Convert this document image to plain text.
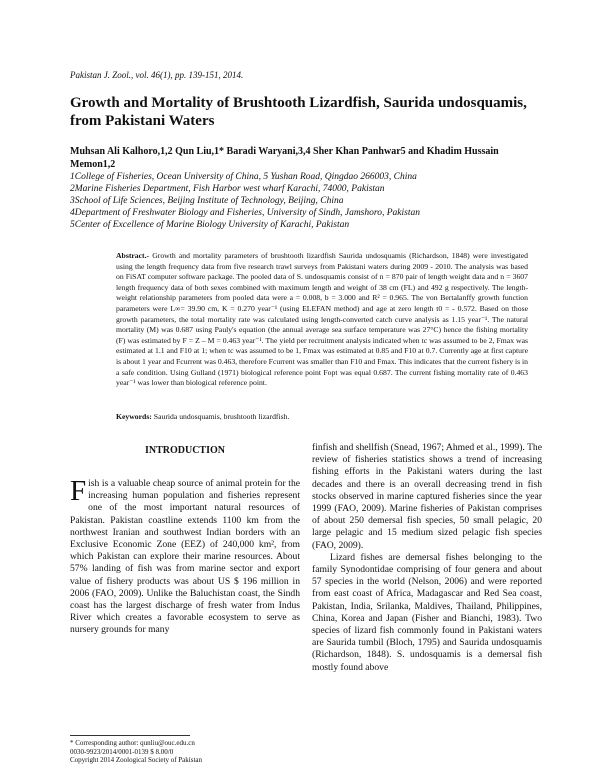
Pakistan J. Zool., vol. 46(1), pp. 139-151, 2014.
Growth and Mortality of Brushtooth Lizardfish, Saurida undosquamis, from Pakistani Waters
Muhsan Ali Kalhoro,1,2 Qun Liu,1* Baradi Waryani,3,4 Sher Khan Panhwar5 and Khadim Hussain Memon1,2
1College of Fisheries, Ocean University of China, 5 Yushan Road, Qingdao 266003, China
2Marine Fisheries Department, Fish Harbor west wharf Karachi, 74000, Pakistan
3School of Life Sciences, Beijing Institute of Technology, Beijing, China
4Department of Freshwater Biology and Fisheries, University of Sindh, Jamshoro, Pakistan
5Center of Excellence of Marine Biology University of Karachi, Pakistan
Abstract.- Growth and mortality parameters of brushtooth lizardfish Saurida undosquamis (Richardson, 1848) were investigated using the length frequency data from five research trawl surveys from Pakistani waters during 2009 - 2010. The analysis was based on FiSAT computer software package. The pooled data of S. undosquamis consist of n = 870 pair of length weight data and n = 3607 length frequency data of both sexes combined with maximum length and weight of 38 cm (FL) and 492 g respectively. The length-weight relationship parameters from pooled data were a = 0.008, b = 3.000 and R² = 0.965. The von Bertalanffy growth function parameters were L∞= 39.90 cm, K = 0.270 year⁻¹ (using ELEFAN method) and age at zero length t0 = - 0.572. Based on those growth parameters, the total mortality rate was calculated using length-converted catch curve analysis as 1.15 year⁻¹. The natural mortality (M) was 0.687 using Pauly's equation (the annual average sea surface temperature was 27°C) hence the fishing mortality (F) was estimated by F = Z – M = 0.463 year⁻¹. The yield per recruitment analysis indicated when tc was assumed to be 2, Fmax was estimated at 1.1 and F10 at 1; when tc was assumed to be 1, Fmax was estimated at 0.85 and F10 at 0.7. Currently age at first capture is about 1 year and Fcurrent was 0.463, therefore Fcurrent was smaller than F10 and Fmax. This indicates that the current fishery is in a safe condition. Using Gulland (1971) biological reference point Fopt was equal 0.687. The current fishing mortality rate of 0.463 year⁻¹ was lower than biological reference point.
Keywords: Saurida undosquamis, brushtooth lizardfish.
INTRODUCTION

Fish is a valuable cheap source of animal protein for the increasing human population and fisheries represent one of the most important natural resources of Pakistan. Pakistan coastline extends 1100 km from the northwest Iranian and southwest Indian borders with an Exclusive Economic Zone (EEZ) of 240,000 km², from which Pakistan can explore their marine resources. About 57% landing of fish was from marine sector and export value of fishery products was about US $ 196 million in 2006 (FAO, 2009). Unlike the Baluchistan coast, the Sindh coast has the largest discharge of fresh water from Indus River which creates a favorable ecosystem to serve as nursery grounds for many

finfish and shellfish (Snead, 1967; Ahmed et al., 1999). The review of fisheries statistics shows a trend of increasing fishing efforts in the Pakistani waters during the last decades and there is an overall decreasing trend in fish stocks observed in marine captured fisheries since the year 1999 (FAO, 2009). Marine fisheries of Pakistan comprises of about 250 demersal fish species, 50 small pelagic, 20 large pelagic and 15 medium sized pelagic fish species (FAO, 2009).

Lizard fishes are demersal fishes belonging to the family Synodontidae comprising of four genera and about 57 species in the world (Nelson, 2006) and were reported from east coast of Africa, Madagascar and Red Sea coast, Pakistan, India, Srilanka, Maldives, Thailand, Philippines, China, Korea and Japan (Fisher and Bianchi, 1983). Two species of lizard fish commonly found in Pakistani waters are Saurida tumbil (Bloch, 1795) and Saurida undosquamis (Richardson, 1848). S. undosquamis is a demersal fish mostly found above

* Corresponding author: qunliu@ouc.edu.cn
0030-9923/2014/0001-0139 $ 8.00/0
Copyright 2014 Zoological Society of Pakistan
